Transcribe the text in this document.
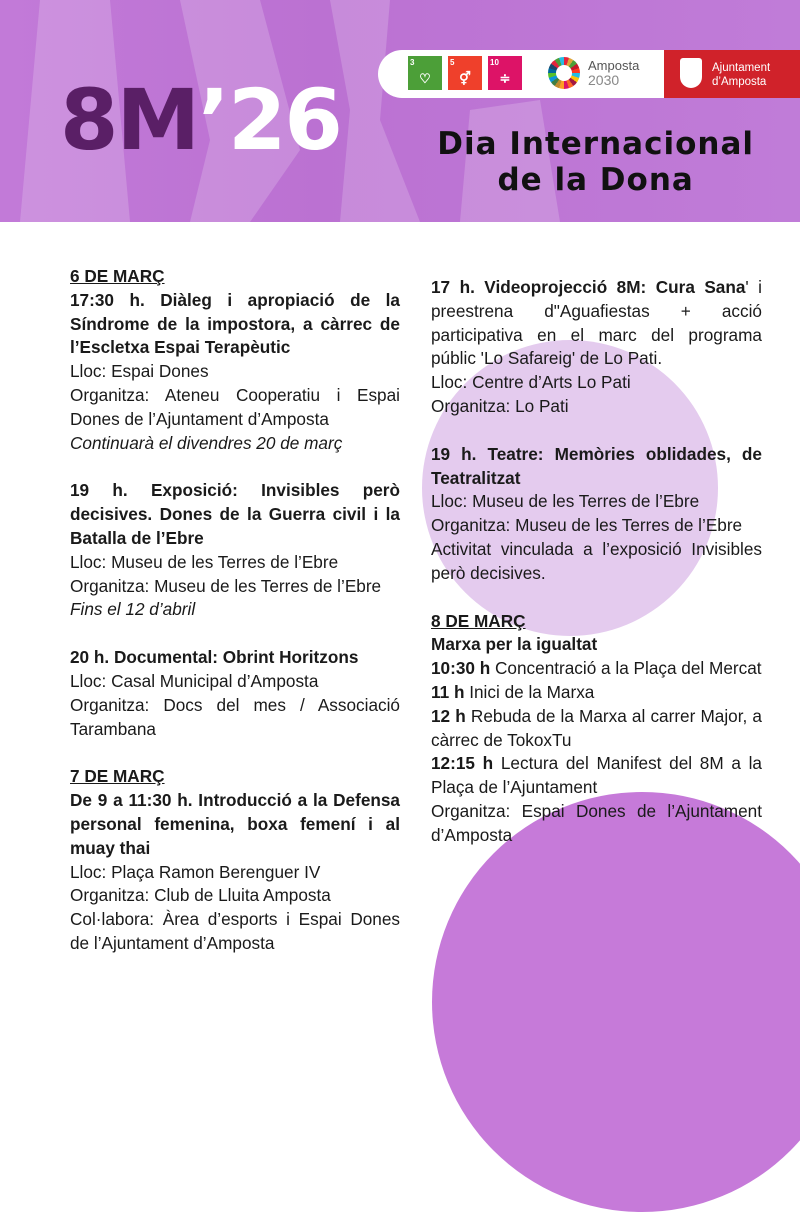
8M’26	Dia Internacional
de la Dona
3
♡
5
⚥
10
≑
Amposta
2030
Ajuntament
d’Amposta

6 DE MARÇ

17:30 h. Diàleg i apropiació de la Síndrome de la impostora, a càrrec de l’Escletxa Espai Terapèutic

Lloc: Espai Dones

Organitza: Ateneu Cooperatiu i Espai Dones de l’Ajuntament d’Amposta

Continuarà el divendres 20 de març

19 h. Exposició: Invisibles però decisives. Dones de la Guerra civil i la Batalla de l’Ebre

Lloc: Museu de les Terres de l’Ebre

Organitza: Museu de les Terres de l’Ebre

Fins el 12 d’abril

20 h. Documental: Obrint Horitzons

Lloc: Casal Municipal d’Amposta

Organitza: Docs del mes / Associació Tarambana

7 DE MARÇ

De 9 a 11:30 h. Introducció a la Defensa personal femenina, boxa femení i al muay thai

Lloc: Plaça Ramon Berenguer IV

Organitza: Club de Lluita Amposta

Col·labora: Àrea d’esports i Espai Dones de l’Ajuntament d’Amposta

17 h. Videoprojecció 8M: Cura Sana' i preestrena d"Aguafiestas + acció participativa en el marc del programa públic 'Lo Safareig' de Lo Pati.

Lloc: Centre d’Arts Lo Pati

Organitza: Lo Pati

19 h. Teatre: Memòries oblidades, de Teatralitzat

Lloc: Museu de les Terres de l’Ebre

Organitza: Museu de les Terres de l’Ebre

Activitat vinculada a l’exposició Invisibles però decisives.

8 DE MARÇ

Marxa per la igualtat

10:30 h Concentració a la Plaça del Mercat

11 h Inici de la Marxa

12 h Rebuda de la Marxa al carrer Major, a càrrec de TokoxTu

12:15 h Lectura del Manifest del 8M a la Plaça de l’Ajuntament

Organitza: Espai Dones de l’Ajuntament d’Amposta
